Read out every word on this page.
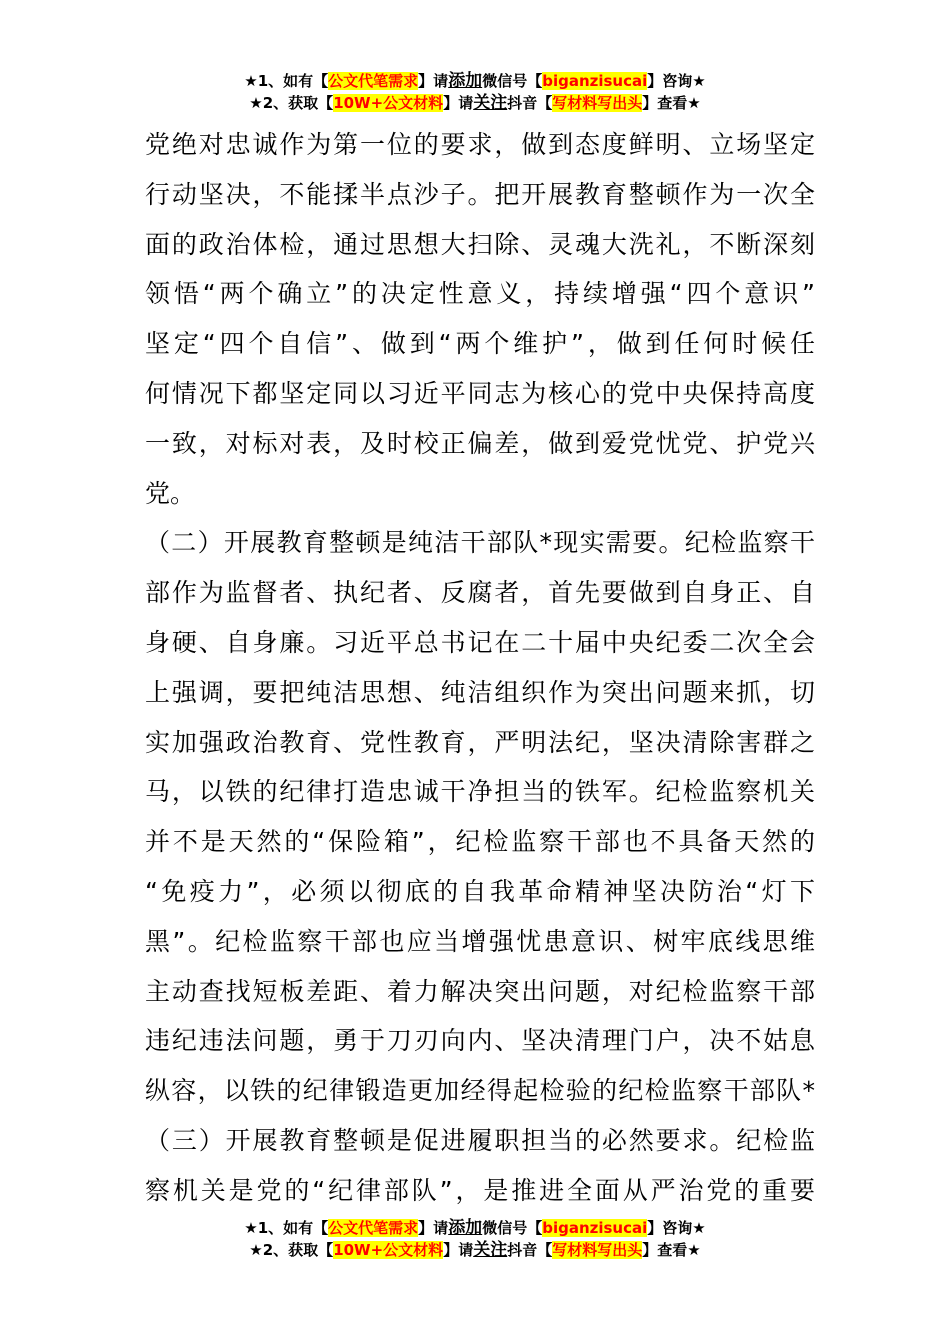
★1、如有【公文代笔需求】请添加微信号【biganzisucai】咨询★
★2、获取【10W+公文材料】请关注抖音【写材料写出头】查看★
党绝对忠诚作为第一位的要求，做到态度鲜明、立场坚定
行动坚决，不能揉半点沙子。把开展教育整顿作为一次全
面的政治体检，通过思想大扫除、灵魂大洗礼，不断深刻
领悟“两个确立”的决定性意义，持续增强“四个意识”
坚定“四个自信”、做到“两个维护”，做到任何时候任
何情况下都坚定同以习近平同志为核心的党中央保持高度
一致，对标对表，及时校正偏差，做到爱党忧党、护党兴
党。
（二）开展教育整顿是纯洁干部队*现实需要。纪检监察干
部作为监督者、执纪者、反腐者，首先要做到自身正、自
身硬、自身廉。习近平总书记在二十届中央纪委二次全会
上强调，要把纯洁思想、纯洁组织作为突出问题来抓，切
实加强政治教育、党性教育，严明法纪，坚决清除害群之
马，以铁的纪律打造忠诚干净担当的铁军。纪检监察机关
并不是天然的“保险箱”，纪检监察干部也不具备天然的
“免疫力”，必须以彻底的自我革命精神坚决防治“灯下
黑”。纪检监察干部也应当增强忧患意识、树牢底线思维
主动查找短板差距、着力解决突出问题，对纪检监察干部
违纪违法问题，勇于刀刃向内、坚决清理门户，决不姑息
纵容，以铁的纪律锻造更加经得起检验的纪检监察干部队*
（三）开展教育整顿是促进履职担当的必然要求。纪检监
察机关是党的“纪律部队”，是推进全面从严治党的重要
★1、如有【公文代笔需求】请添加微信号【biganzisucai】咨询★
★2、获取【10W+公文材料】请关注抖音【写材料写出头】查看★
